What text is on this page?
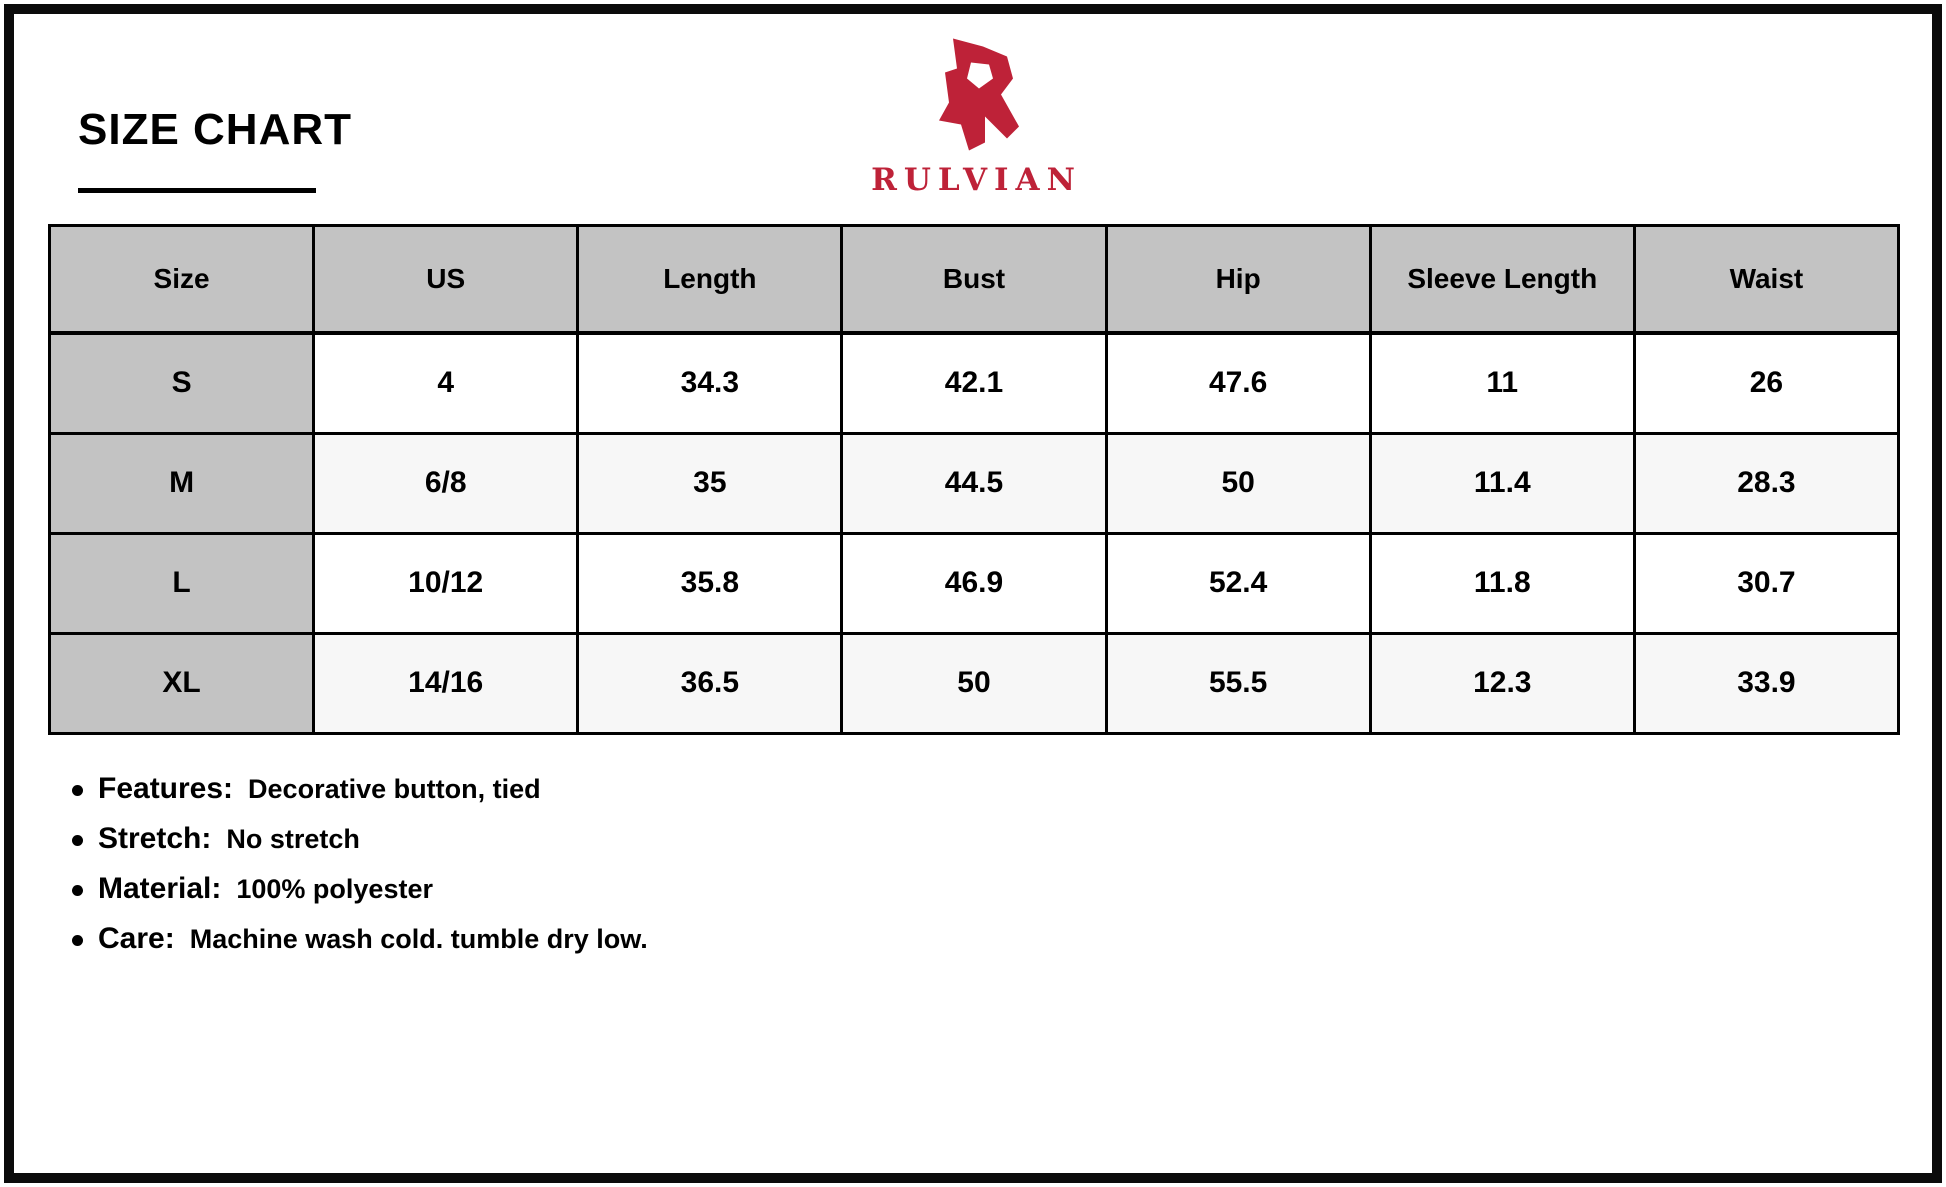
SIZE CHART
RULVIAN
Size	US	Length	Bust	Hip	Sleeve Length	Waist
S	4	34.3	42.1	47.6	11	26
M	6/8	35	44.5	50	11.4	28.3
L	10/12	35.8	46.9	52.4	11.8	30.7
XL	14/16	36.5	50	55.5	12.3	33.9
Features: Decorative button, tied
Stretch: No stretch
Material: 100% polyester
Care: Machine wash cold. tumble dry low.
